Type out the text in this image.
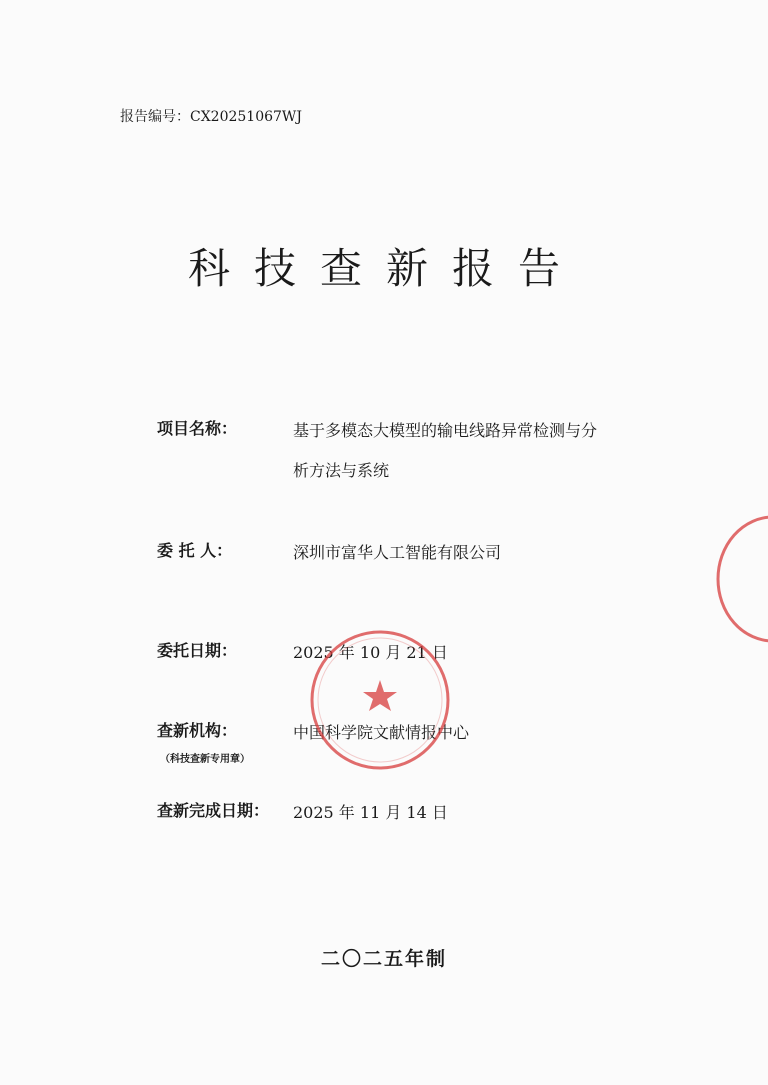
报告编号：CX20251067WJ
科技查新报告
项目名称：	基于多模态大模型的输电线路异常检测与分
析方法与系统
委 托 人：	深圳市富华人工智能有限公司
委托日期：	2025 年 10 月 21 日
查新机构：
（科技查新专用章）
中国科学院文献情报中心
查新完成日期： 2025 年 11 月 14 日
二〇二五年制
